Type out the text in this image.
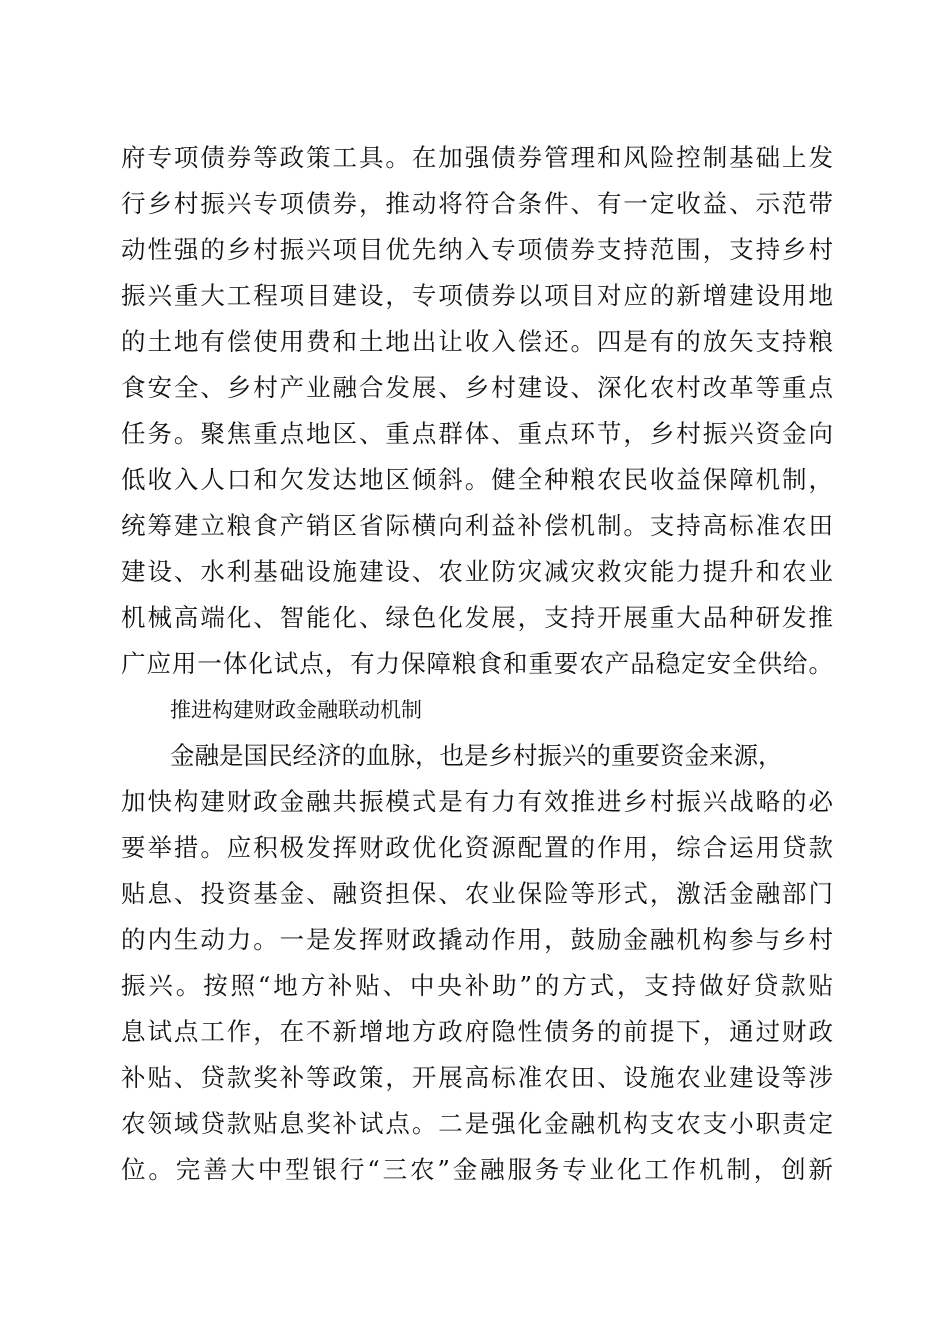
府专项债券等政策工具。在加强债券管理和风险控制基础上发
行乡村振兴专项债券，推动将符合条件、有一定收益、示范带
动性强的乡村振兴项目优先纳入专项债券支持范围，支持乡村
振兴重大工程项目建设，专项债券以项目对应的新增建设用地
的土地有偿使用费和土地出让收入偿还。四是有的放矢支持粮
食安全、乡村产业融合发展、乡村建设、深化农村改革等重点
任务。聚焦重点地区、重点群体、重点环节，乡村振兴资金向
低收入人口和欠发达地区倾斜。健全种粮农民收益保障机制，
统筹建立粮食产销区省际横向利益补偿机制。支持高标准农田
建设、水利基础设施建设、农业防灾减灾救灾能力提升和农业
机械高端化、智能化、绿色化发展，支持开展重大品种研发推
广应用一体化试点，有力保障粮食和重要农产品稳定安全供给。
推进构建财政金融联动机制
金融是国民经济的血脉，也是乡村振兴的重要资金来源，
加快构建财政金融共振模式是有力有效推进乡村振兴战略的必
要举措。应积极发挥财政优化资源配置的作用，综合运用贷款
贴息、投资基金、融资担保、农业保险等形式，激活金融部门
的内生动力。一是发挥财政撬动作用，鼓励金融机构参与乡村
振兴。按照“地方补贴、中央补助”的方式，支持做好贷款贴
息试点工作，在不新增地方政府隐性债务的前提下，通过财政
补贴、贷款奖补等政策，开展高标准农田、设施农业建设等涉
农领域贷款贴息奖补试点。二是强化金融机构支农支小职责定
位。完善大中型银行“三农”金融服务专业化工作机制，创新
